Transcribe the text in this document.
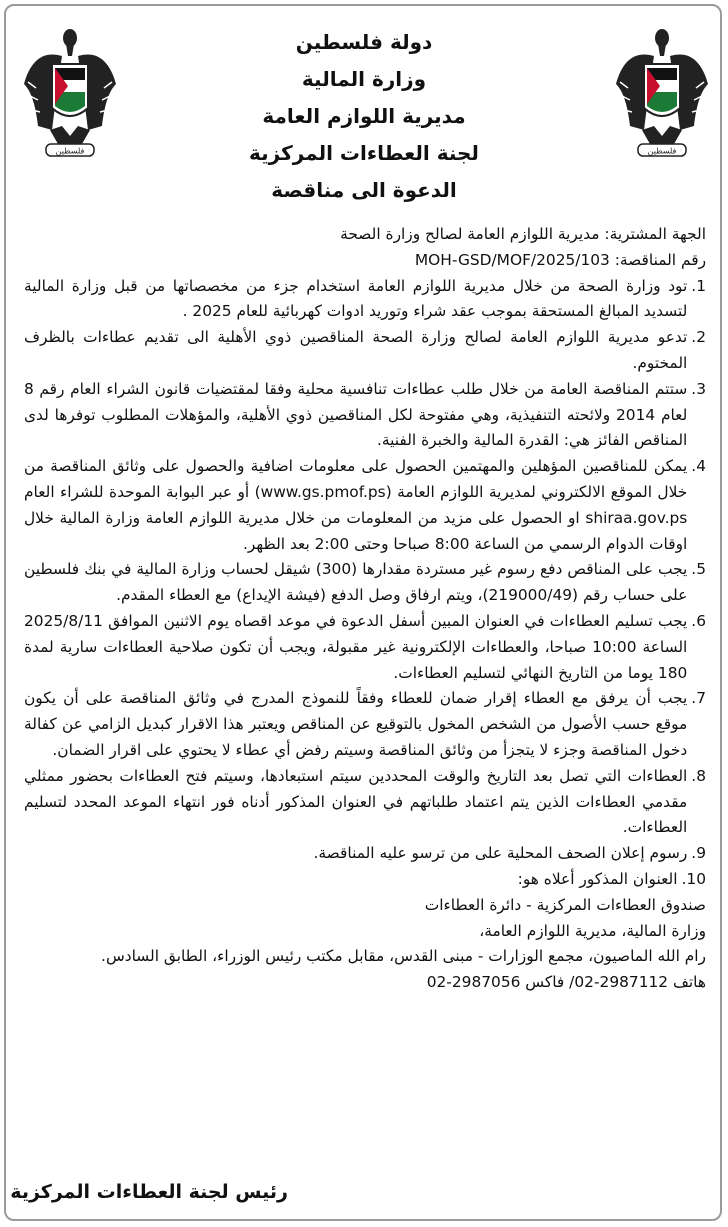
فلسطين
فلسطين

دولة فلسطين

وزارة المالية

مديرية اللوازم العامة

لجنة العطاءات المركزية

الدعوة الى مناقصة

الجهة المشترية: مديرية اللوازم العامة لصالح وزارة الصحة

رقم المناقصة: MOH-GSD/MOF/2025/103

1.
تود وزارة الصحة من خلال مديرية اللوازم العامة استخدام جزء من مخصصاتها من قبل وزارة المالية لتسديد المبالغ المستحقة بموجب عقد شراء وتوريد ادوات كهربائية للعام 2025 .
2.
تدعو مديرية اللوازم العامة لصالح وزارة الصحة المناقصين ذوي الأهلية الى تقديم عطاءات بالظرف المختوم.
3.
ستتم المناقصة العامة من خلال طلب عطاءات تنافسية محلية وفقا لمقتضيات قانون الشراء العام رقم 8 لعام 2014 ولائحته التنفيذية، وهي مفتوحة لكل المناقصين ذوي الأهلية، والمؤهلات المطلوب توفرها لدى المناقص الفائز هي: القدرة المالية والخبرة الفنية.
4.
يمكن للمناقصين المؤهلين والمهتمين الحصول على معلومات اضافية والحصول على وثائق المناقصة من خلال الموقع الالكتروني لمديرية اللوازم العامة (www.gs.pmof.ps) أو عبر البوابة الموحدة للشراء العام shiraa.gov.ps او الحصول على مزيد من المعلومات من خلال مديرية اللوازم العامة وزارة المالية خلال اوقات الدوام الرسمي من الساعة 8:00 صباحا وحتى 2:00 بعد الظهر.
5.
يجب على المناقص دفع رسوم غير مستردة مقدارها (300) شيقل لحساب وزارة المالية في بنك فلسطين على حساب رقم (219000/49)، ويتم ارفاق وصل الدفع (فيشة الإيداع) مع العطاء المقدم.
6.
يجب تسليم العطاءات في العنوان المبين أسفل الدعوة في موعد اقصاه يوم الاثنين الموافق 2025/8/11 الساعة 10:00 صباحا، والعطاءات الإلكترونية غير مقبولة، ويجب أن تكون صلاحية العطاءات سارية لمدة 180 يوما من التاريخ النهائي لتسليم العطاءات.
7.
يجب أن يرفق مع العطاء إقرار ضمان للعطاء وفقاً للنموذج المدرج في وثائق المناقصة على أن يكون موقع حسب الأصول من الشخص المخول بالتوقيع عن المناقص ويعتبر هذا الاقرار كبديل الزامي عن كفالة دخول المناقصة وجزء لا يتجزأ من وثائق المناقصة وسيتم رفض أي عطاء لا يحتوي على اقرار الضمان.
8.
العطاءات التي تصل بعد التاريخ والوقت المحددين سيتم استبعادها، وسيتم فتح العطاءات بحضور ممثلي مقدمي العطاءات الذين يتم اعتماد طلباتهم في العنوان المذكور أدناه فور انتهاء الموعد المحدد لتسليم العطاءات.
9.
رسوم إعلان الصحف المحلية على من ترسو عليه المناقصة.
10.
العنوان المذكور أعلاه هو:

صندوق العطاءات المركزية - دائرة العطاءات

وزارة المالية، مديرية اللوازم العامة،

رام الله الماصيون، مجمع الوزارات - مبنى القدس، مقابل مكتب رئيس الوزراء، الطابق السادس.

هاتف 2987112-02/ فاكس 2987056-02

رئيس لجنة العطاءات المركزية
